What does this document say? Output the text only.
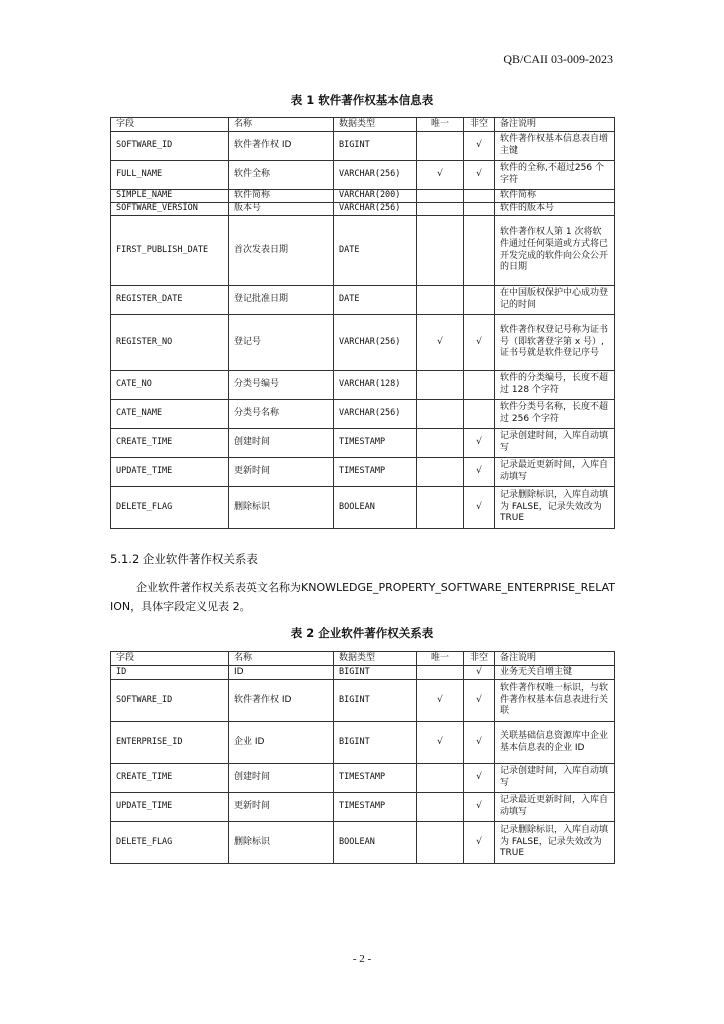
QB/CAII 03-009-2023
表 1 软件著作权基本信息表
字段	名称	数据类型	唯一	非空	备注说明
SOFTWARE_ID	软件著作权 ID	BIGINT		√	软件著作权基本信息表自增主键
FULL_NAME	软件全称	VARCHAR(256)	√	√	软件的全称,不超过256 个字符
SIMPLE_NAME	软件简称	VARCHAR(200)			软件简称
SOFTWARE_VERSION	版本号	VARCHAR(256)			软件的版本号
FIRST_PUBLISH_DATE	首次发表日期	DATE			软件著作权人第 1 次将软件通过任何渠道或方式将已开发完成的软件向公众公开的日期
REGISTER_DATE	登记批准日期	DATE			在中国版权保护中心成功登记的时间
REGISTER_NO	登记号	VARCHAR(256)	√	√	软件著作权登记号称为证书号（即软著登字第 x 号）,证书号就是软件登记序号
CATE_NO	分类号编号	VARCHAR(128)			软件的分类编号，长度不超过 128 个字符
CATE_NAME	分类号名称	VARCHAR(256)			软件分类号名称，长度不超过 256 个字符
CREATE_TIME	创建时间	TIMESTAMP		√	记录创建时间，入库自动填写
UPDATE_TIME	更新时间	TIMESTAMP		√	记录最近更新时间，入库自动填写
DELETE_FLAG	删除标识	BOOLEAN		√	记录删除标识，入库自动填为 FALSE，记录失效改为 TRUE
5.1.2 企业软件著作权关系表
企业软件著作权关系表英文名称为KNOWLEDGE_PROPERTY_SOFTWARE_ENTERPRISE_RELATION，具体字段定义见表 2。
表 2 企业软件著作权关系表
字段	名称	数据类型	唯一	非空	备注说明
ID	ID	BIGINT		√	业务无关自增主键
SOFTWARE_ID	软件著作权 ID	BIGINT	√	√	软件著作权唯一标识，与软件著作权基本信息表进行关联
ENTERPRISE_ID	企业 ID	BIGINT	√	√	关联基础信息资源库中企业基本信息表的企业 ID
CREATE_TIME	创建时间	TIMESTAMP		√	记录创建时间，入库自动填写
UPDATE_TIME	更新时间	TIMESTAMP		√	记录最近更新时间，入库自动填写
DELETE_FLAG	删除标识	BOOLEAN		√	记录删除标识，入库自动填为 FALSE，记录失效改为 TRUE
- 2 -
